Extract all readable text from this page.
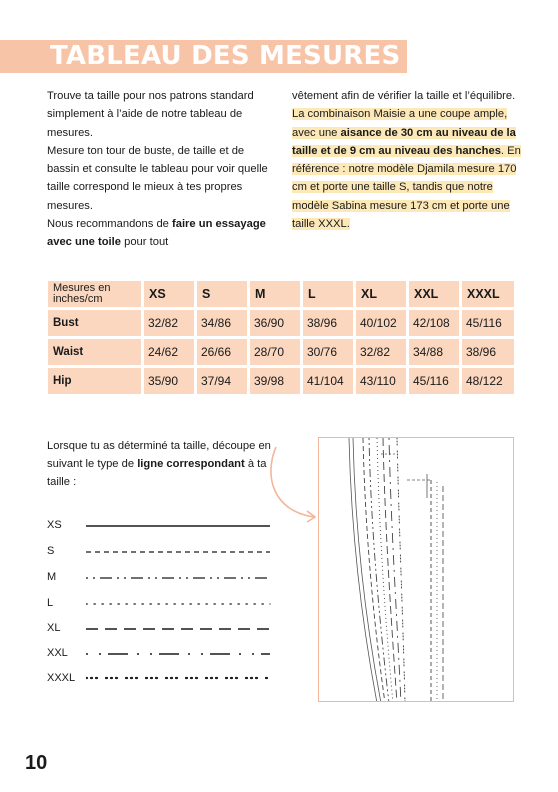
TABLEAU DES MESURES

Trouve ta taille pour nos patrons standard simplement à l’aide de notre tableau de mesures.

Mesure ton tour de buste, de taille et de bassin et consulte le tableau pour voir quelle taille correspond le mieux à tes propres mesures.

Nous recommandons de faire un essayage avec une toile pour tout

vêtement afin de vérifier la taille et l’équilibre.

La combinaison Maisie a une coupe ample, avec une aisance de 30 cm au niveau de la taille et de 9 cm au niveau des hanches. En référence : notre modèle Djamila mesure 170 cm et porte une taille S, tandis que notre modèle Sabina mesure 173 cm et porte une taille XXXL.

Mesures en
inches/cm	XS	S	M	L	XL	XXL	XXXL
Bust	32/82	34/86	36/90	38/96	40/102	42/108	45/116
Waist	24/62	26/66	28/70	30/76	32/82	34/88	38/96
Hip	35/90	37/94	39/98	41/104	43/110	45/116	48/122
Lorsque tu as déterminé ta taille, découpe en suivant le type de ligne correspondant à ta taille :
XS
S
M
L
XL
XXL
XXXL
10
